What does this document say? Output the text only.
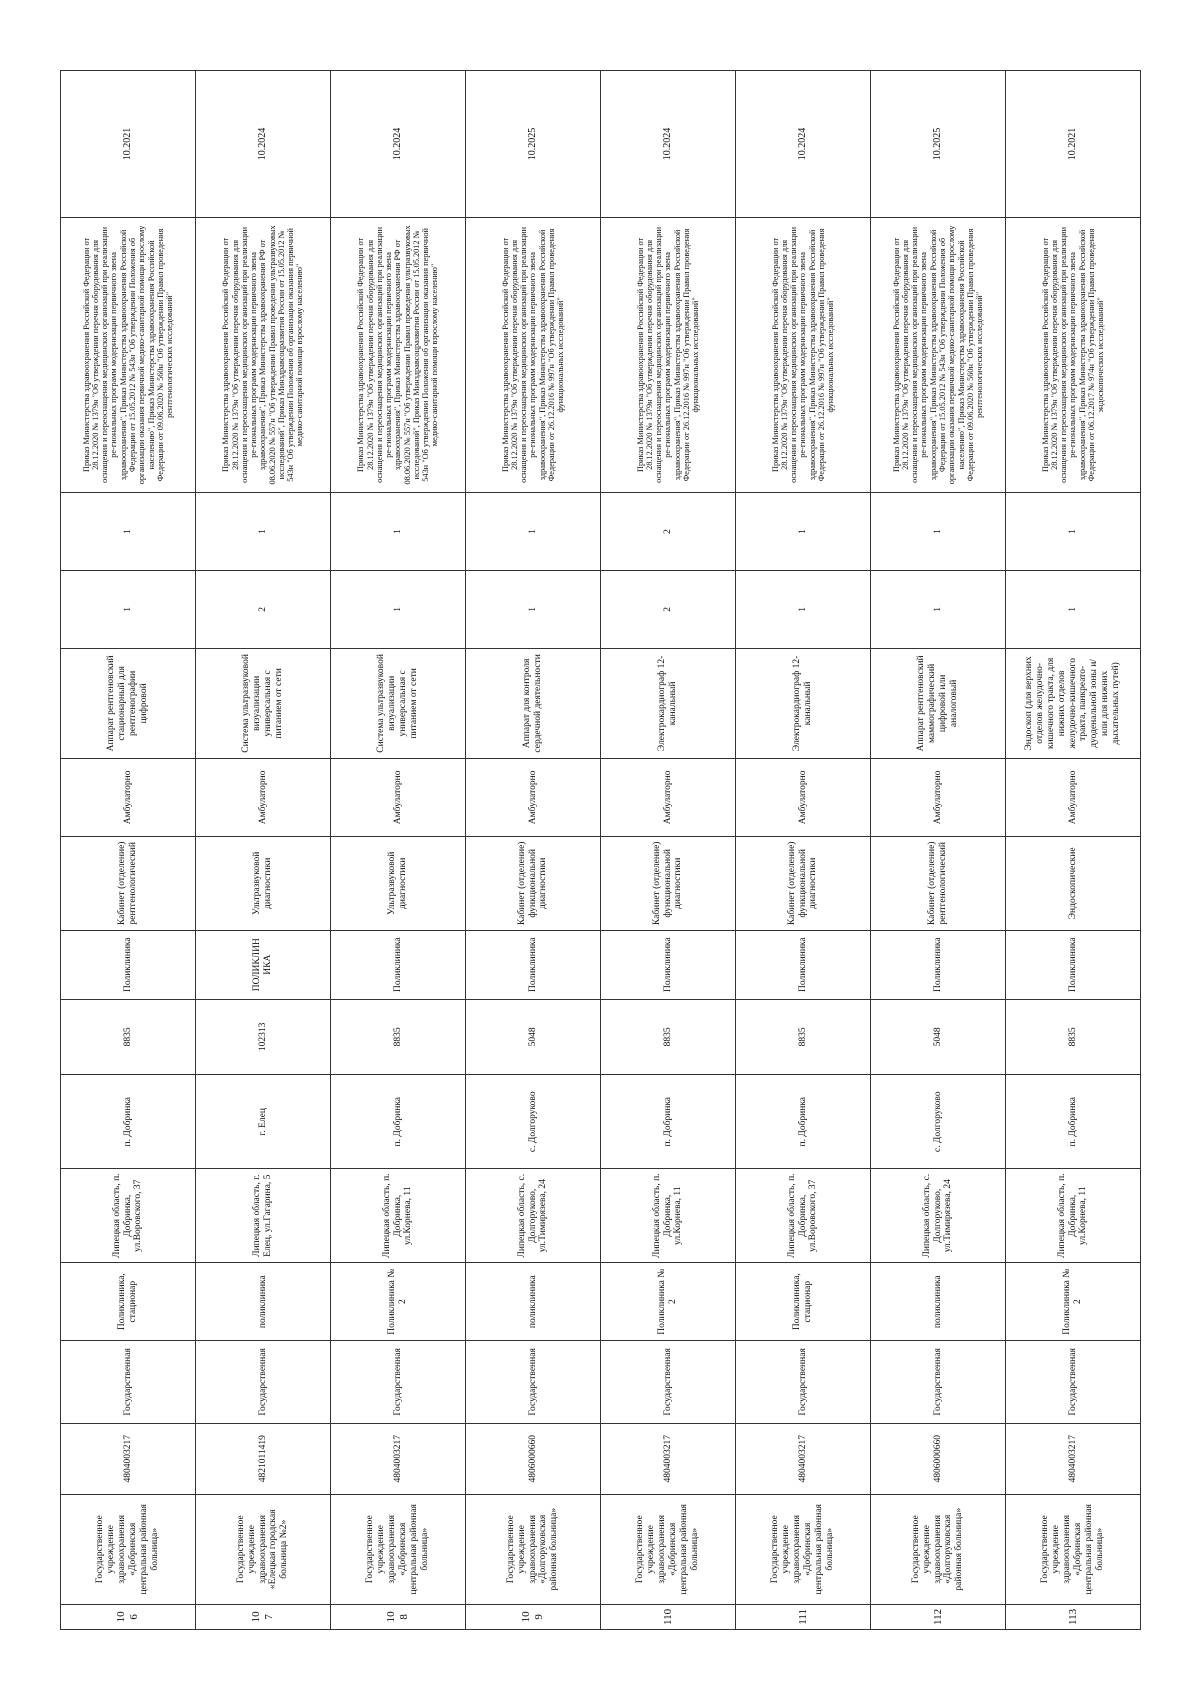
106	Государственное учреждение здравоохранения «Добринская центральная районная больница»	4804003217	Государственная	Поликлиника, стационар	Липецкая область, п. Добринка, ул.Воровского, 37	п. Добринка	8835	Поликлиника	Кабинет (отделение) рентгенологический	Амбулаторно	Аппарат рентгеновский стационарный для рентгенографии цифровой	1	1	Приказ Министерства здравоохранения Российской Федерации от 28.12.2020 № 1379н "Об утверждении перечня оборудования для оснащения и переоснащения медицинских организаций при реализации ре-гиональных программ модернизации первичного звена здравоохранения", Приказ Министерства здравоохранения Российской Федерации от 15.05.2012 № 543н "Об утверждении Положения об организации оказания первичной медико-санитарной помощи взрослому населению", Приказ Министерства здравоохранения Российской Федерации от 09.06.2020 № 560н "Об утверждении Правил проведения рентгенологических исследований"	10.2021
107	Государственное учреждение здравоохранения «Елецкая городская больница №2»	4821011419	Государственная	поликлиника	Липецкая область, г. Елец, ул.Гагарина, 5	г. Елец	102313	ПОЛИКЛИНИКА	Ультразвуковой диагностики	Амбулаторно	Система ультразвуковой визуализации универсальная с питанием от сети	2	1	Приказ Министерства здравоохранения Российской Федерации от 28.12.2020 № 1379н "Об утверждении перечня оборудования для оснащения и переоснащения медицинских организаций при реализации ре-гиональных программ модернизации первичного звена здравоохранения", Приказ Министерства здравоохранения РФ от 08.06.2020 № 557н "Об утверждении Правил проведения ультразвуковых исследований", Приказ Минздравсоцразвития России от 15.05.2012 № 543н "Об утверждении Положения об организации оказания первичной медико-санитарной помощи взрослому населению"	10.2024
108	Государственное учреждение здравоохранения «Добринская центральная районная больница»	4804003217	Государственная	Поликлиника № 2	Липецкая область, п. Добринка, ул.Корнева, 11	п. Добринка	8835	Поликлиника	Ультразвуковой диагностики	Амбулаторно	Система ультразвуковой визуализации универсальная с питанием от сети	1	1	Приказ Министерства здравоохранения Российской Федерации от 28.12.2020 № 1379н "Об утверждении перечня оборудования для оснащения и переоснащения медицинских организаций при реализации ре-гиональных программ модернизации первичного звена здравоохранения", Приказ Министерства здравоохранения РФ от 08.06.2020 № 557н "Об утверждении Правил проведения ультразвуковых исследований", Приказ Минздравсоцразвития России от 15.05.2012 № 543н "Об утверждении Положения об организации оказания первичной медико-санитарной помощи взрослому населению"	10.2024
109	Государственное учреждение здравоохранения «Долгоруковская районная больница»	4806000660	Государственная	поликлиника	Липецкая область, с. Долгоруково, ул.Тимирязева, 24	с. Долгоруково	5048	Поликлиника	Кабинет (отделение) функциональной диагностики	Амбулаторно	Аппарат для контроля сердечной деятельности	1	1	Приказ Министерства здравоохранения Российской Федерации от 28.12.2020 № 1379н "Об утверждении перечня оборудования для оснащения и переоснащения медицинских организаций при реализации ре-гиональных программ модернизации первичного звена здравоохранения", Приказ Министерства здравоохранения Российской Федерации от 26.12.2016 № 997н "Об утверждении Правил проведения функциональных исследований"	10.2025
110	Государственное учреждение здравоохранения «Добринская центральная районная больница»	4804003217	Государственная	Поликлиника № 2	Липецкая область, п. Добринка, ул.Корнева, 11	п. Добринка	8835	Поликлиника	Кабинет (отделение) функциональной диагностики	Амбулаторно	Электрокардиограф 12-канальный	2	2	Приказ Министерства здравоохранения Российской Федерации от 28.12.2020 № 1379н "Об утверждении перечня оборудования для оснащения и переоснащения медицинских организаций при реализации ре-гиональных программ модернизации первичного звена здравоохранения", Приказ Министерства здравоохранения Российской Федерации от 26.12.2016 № 997н "Об утверждении Правил проведения функциональных исследований"	10.2024
111	Государственное учреждение здравоохранения «Добринская центральная районная больница»	4804003217	Государственная	Поликлиника, стационар	Липецкая область, п. Добринка, ул.Воровского, 37	п. Добринка	8835	Поликлиника	Кабинет (отделение) функциональной диагностики	Амбулаторно	Электрокардиограф 12-канальный	1	1	Приказ Министерства здравоохранения Российской Федерации от 28.12.2020 № 1379н "Об утверждении перечня оборудования для оснащения и переоснащения медицинских организаций при реализации ре-гиональных программ модернизации первичного звена здравоохранения", Приказ Министерства здравоохранения Российской Федерации от 26.12.2016 № 997н "Об утверждении Правил проведения функциональных исследований"	10.2024
112	Государственное учреждение здравоохранения «Долгоруковская районная больница»	4806000660	Государственная	поликлиника	Липецкая область, с. Долгоруково, ул.Тимирязева, 24	с. Долгоруково	5048	Поликлиника	Кабинет (отделение) рентгенологический	Амбулаторно	Аппарат рентгеновский маммографический цифровой или аналоговый	1	1	Приказ Министерства здравоохранения Российской Федерации от 28.12.2020 № 1379н "Об утверждении перечня оборудования для оснащения и переоснащения медицинских организаций при реализации ре-гиональных программ модернизации первичного звена здравоохранения", Приказ Министерства здравоохранения Российской Федерации от 15.05.2012 № 543н "Об утверждении Положения об организации оказания первичной медико-санитарной помощи взрослому населению", Приказ Министерства здравоохранения Российской Федерации от 09.06.2020 № 560н "Об утверждении Правил проведения рентгенологических исследований"	10.2025
113	Государственное учреждение здравоохранения «Добринская центральная районная больница»	4804003217	Государственная	Поликлиника № 2	Липецкая область, п. Добринка, ул.Корнева, 11	п. Добринка	8835	Поликлиника	Эндоскопические	Амбулаторно	Эндоскоп (для верхних отделов желудочно-кишечного тракта, для нижних отделов желудочно-кишечного тракта, панкреато-дуоденальной зоны и/или для нижних дыхательных путей)	1	1	Приказ Министерства здравоохранения Российской Федерации от 28.12.2020 № 1379н "Об утверждении перечня оборудования для оснащения и переоснащения медицинских организаций при реализации ре-гиональных программ модернизации первичного звена здравоохранения", Приказ Министерства здравоохранения Российской Федерации от 06.12.2017 № 974н "Об утверждении Правил проведения эндоскопических исследований"	10.2021
